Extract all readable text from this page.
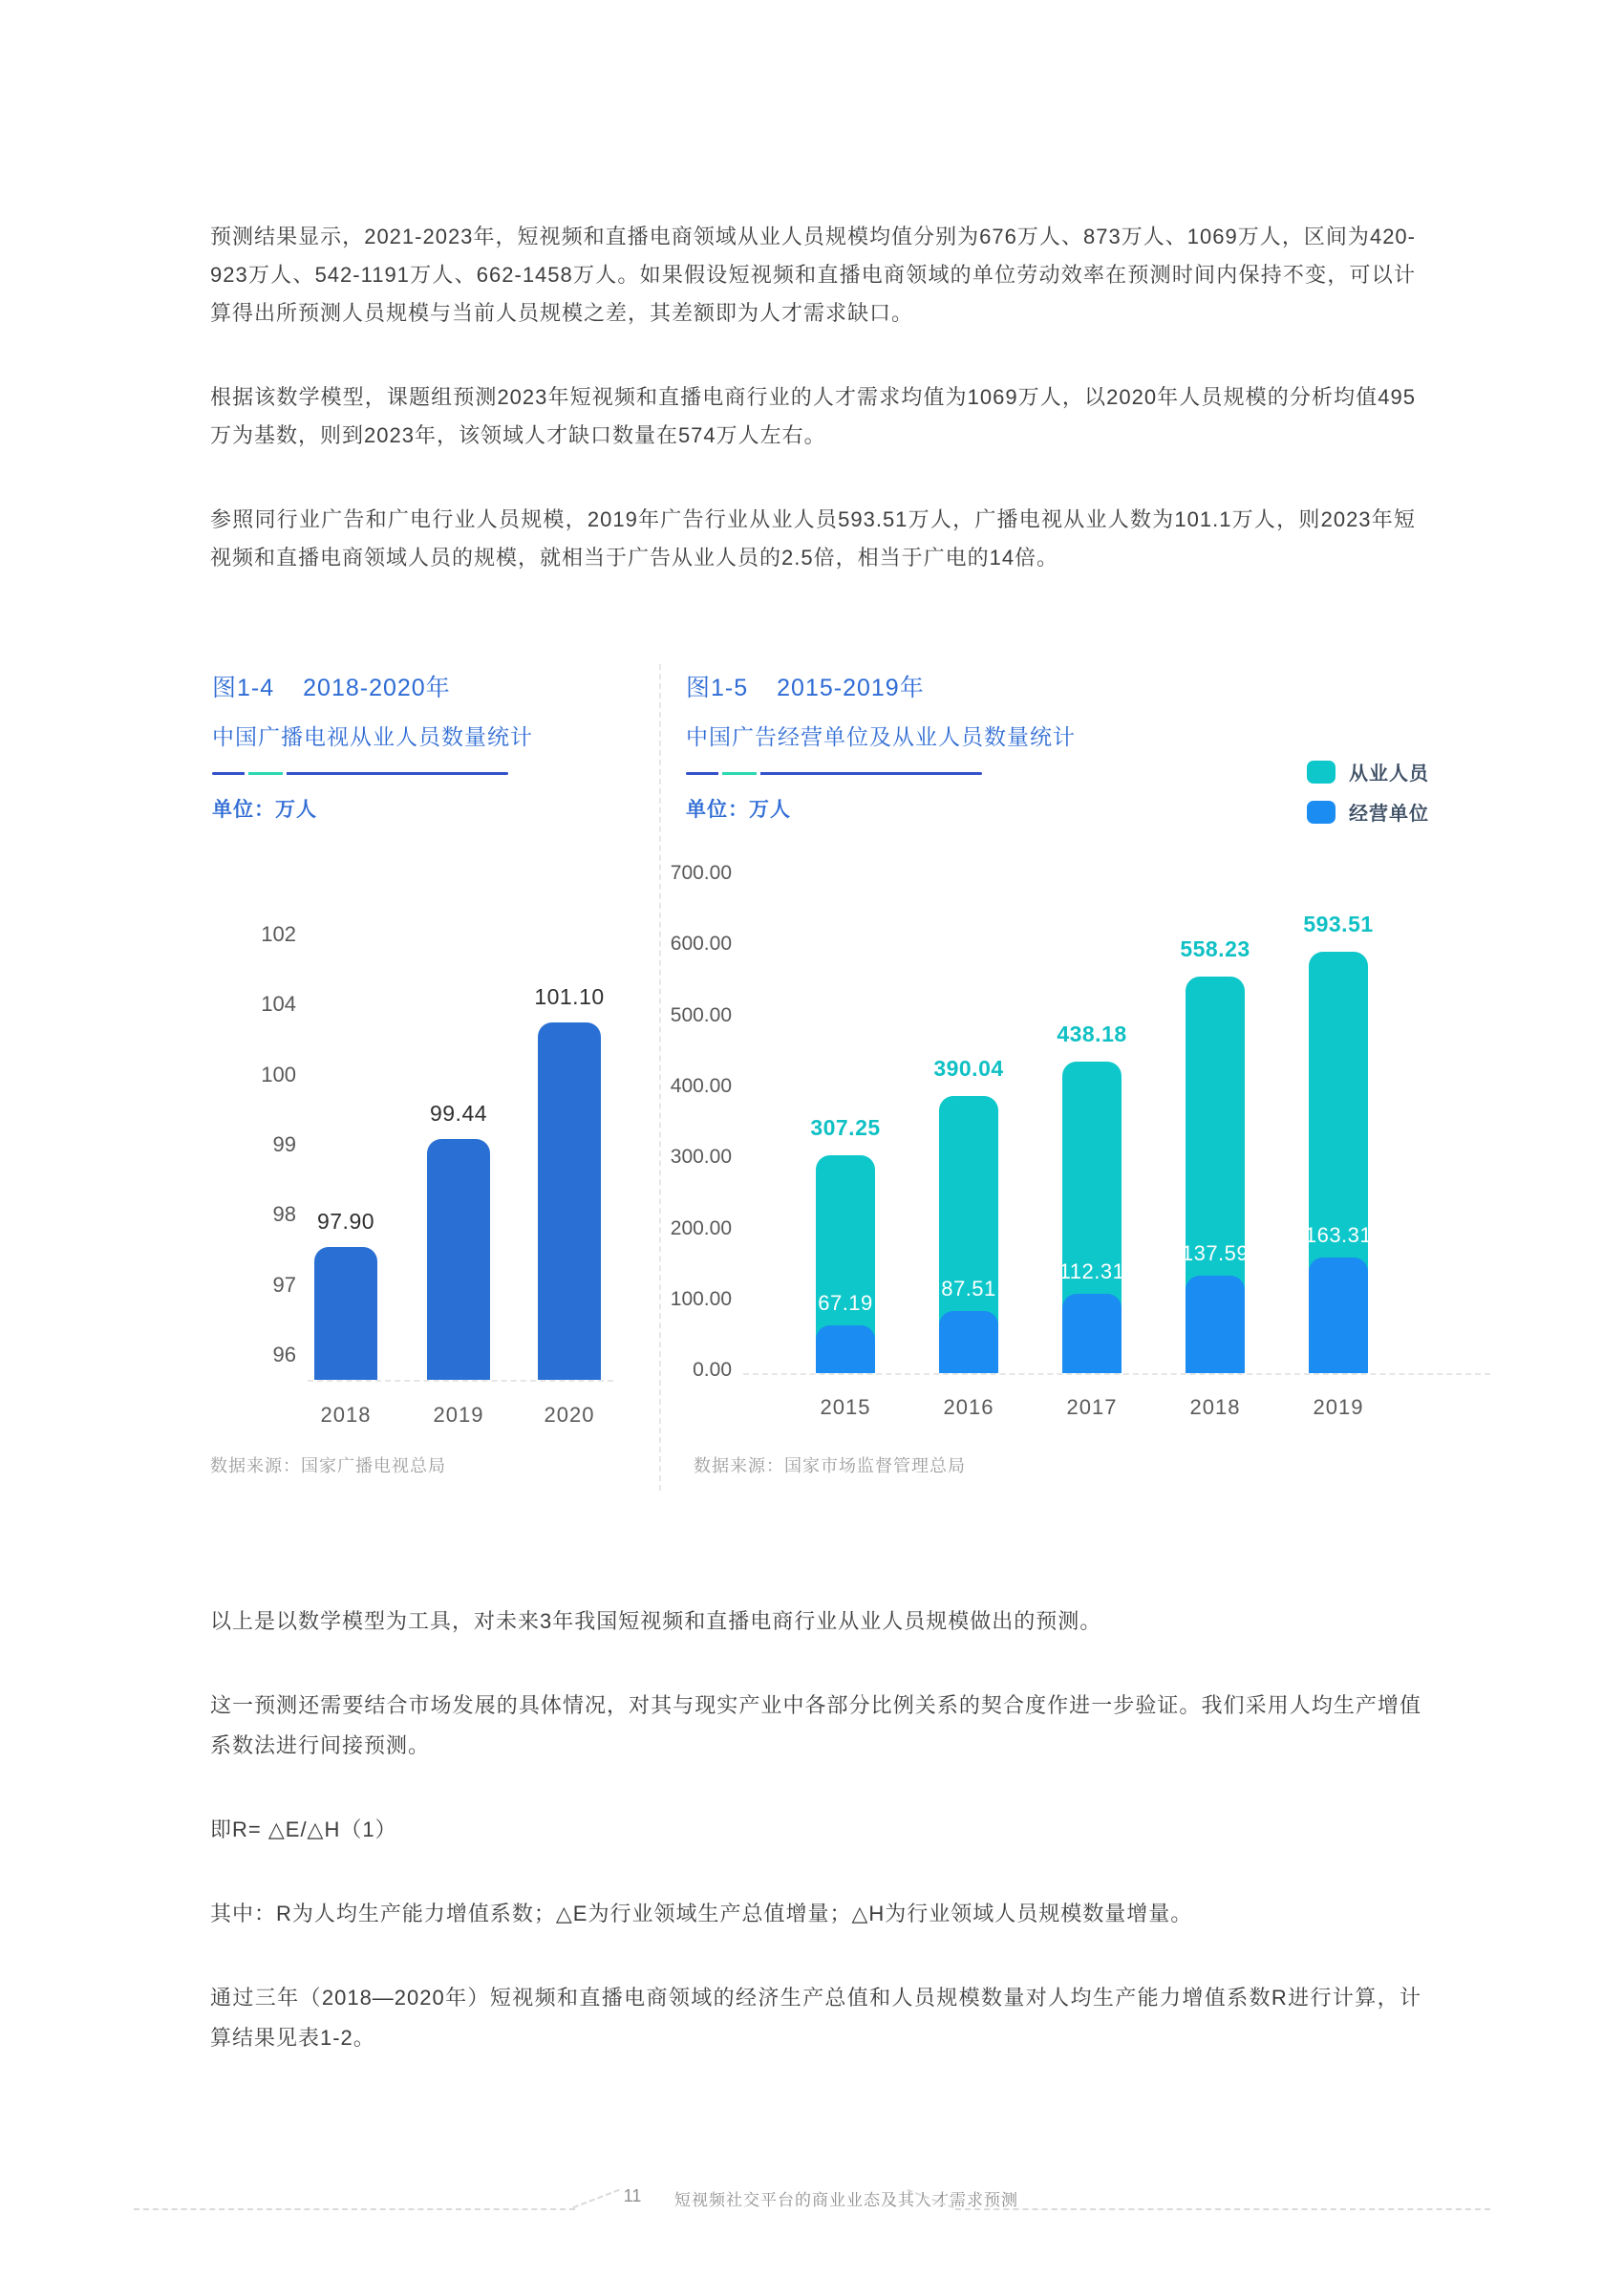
预测结果显示，2021-2023年，短视频和直播电商领域从业人员规模均值分别为676万人、873万人、1069万人，区间为420-923万人、542-1191万人、662-1458万人。如果假设短视频和直播电商领域的单位劳动效率在预测时间内保持不变，可以计算得出所预测人员规模与当前人员规模之差，其差额即为人才需求缺口。

根据该数学模型，课题组预测2023年短视频和直播电商行业的人才需求均值为1069万人，以2020年人员规模的分析均值495万为基数，则到2023年，该领域人才缺口数量在574万人左右。

参照同行业广告和广电行业人员规模，2019年广告行业从业人员593.51万人，广播电视从业人数为101.1万人，则2023年短视频和直播电商领域人员的规模，就相当于广告从业人员的2.5倍，相当于广电的14倍。

图1-4 2018-2020年
中国广播电视从业人员数量统计
单位：万人
图1-5 2015-2019年
中国广告经营单位及从业人员数量统计
单位：万人
从业人员
经营单位
102
104
100
99
98
97
96
97.90
2018
99.44
2019
101.10
2020
700.00
600.00
500.00
400.00
300.00
200.00
100.00
0.00
307.25
67.19
2015
390.04
87.51
2016
438.18
112.31
2017
558.23
137.59
2018
593.51
163.31
2019
数据来源：国家广播电视总局	数据来源：国家市场监督管理总局

以上是以数学模型为工具，对未来3年我国短视频和直播电商行业从业人员规模做出的预测。

这一预测还需要结合市场发展的具体情况，对其与现实产业中各部分比例关系的契合度作进一步验证。我们采用人均生产增值系数法进行间接预测。

即R= △E/△H（1）

其中：R为人均生产能力增值系数；△E为行业领域生产总值增量；△H为行业领域人员规模数量增量。

通过三年（2018—2020年）短视频和直播电商领域的经济生产总值和人员规模数量对人均生产能力增值系数R进行计算，计算结果见表1-2。

11	短视频社交平台的商业业态及其人才需求预测
